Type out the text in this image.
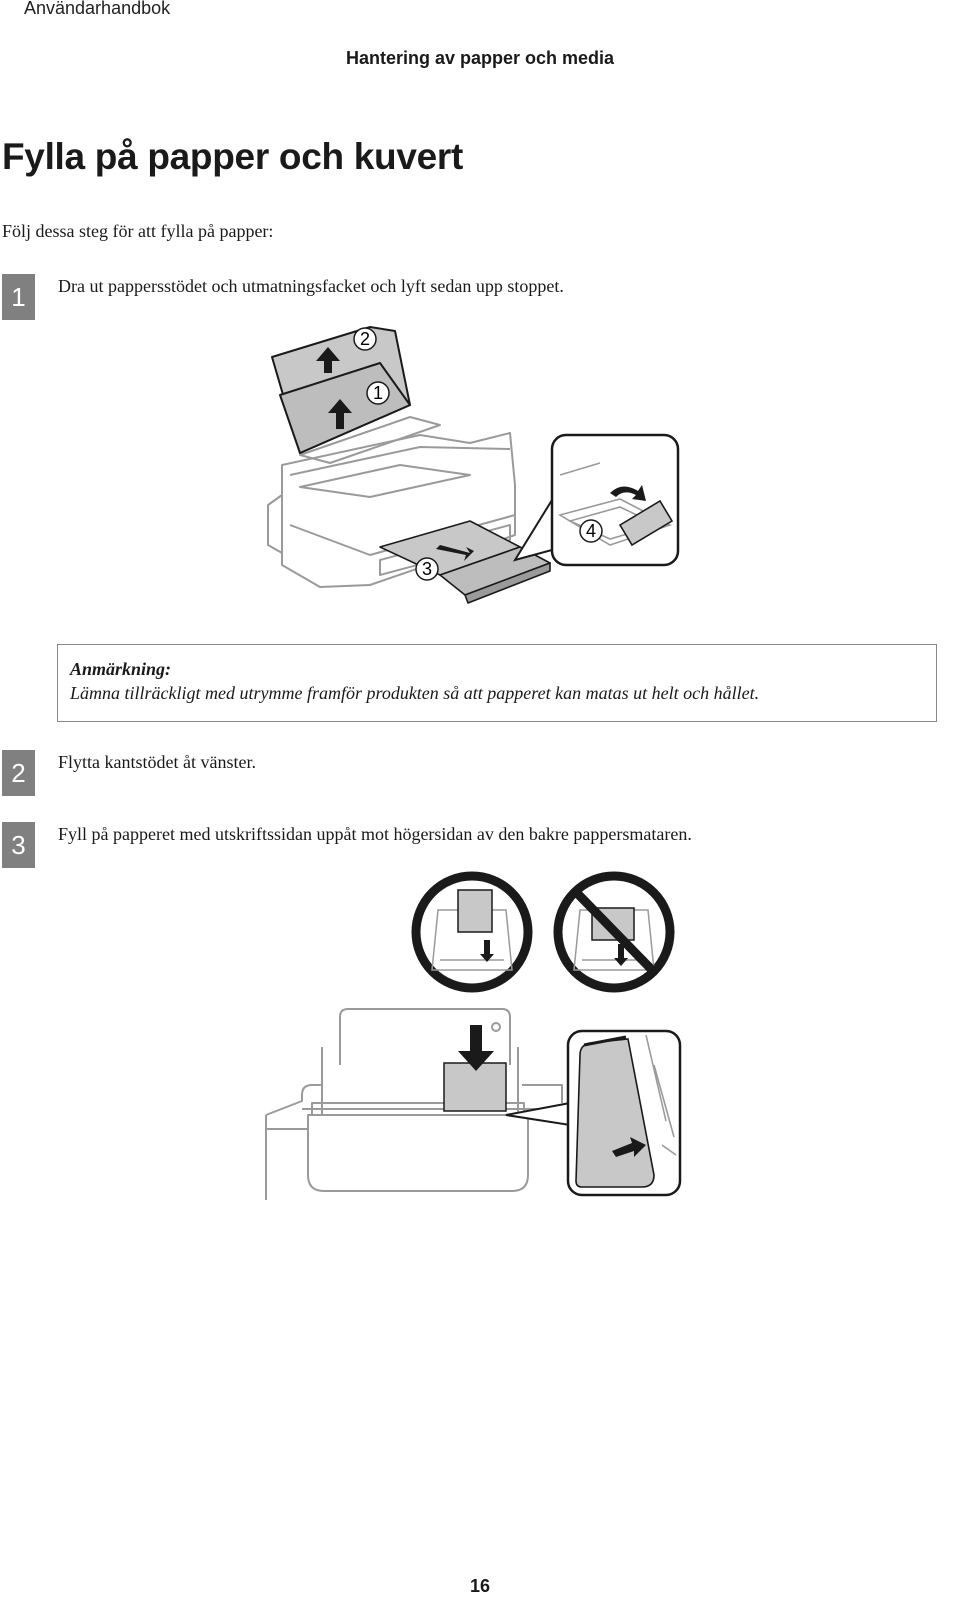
Användarhandbok
Hantering av papper och media
Fylla på papper och kuvert
Följ dessa steg för att fylla på papper:
1	Dra ut pappersstödet och utmatningsfacket och lyft sedan upp stoppet.
2
1
3
4
Anmärkning:
Lämna tillräckligt med utrymme framför produkten så att papperet kan matas ut helt och hållet.
2	Flytta kantstödet åt vänster.
3	Fyll på papperet med utskriftssidan uppåt mot högersidan av den bakre pappersmataren.
16
